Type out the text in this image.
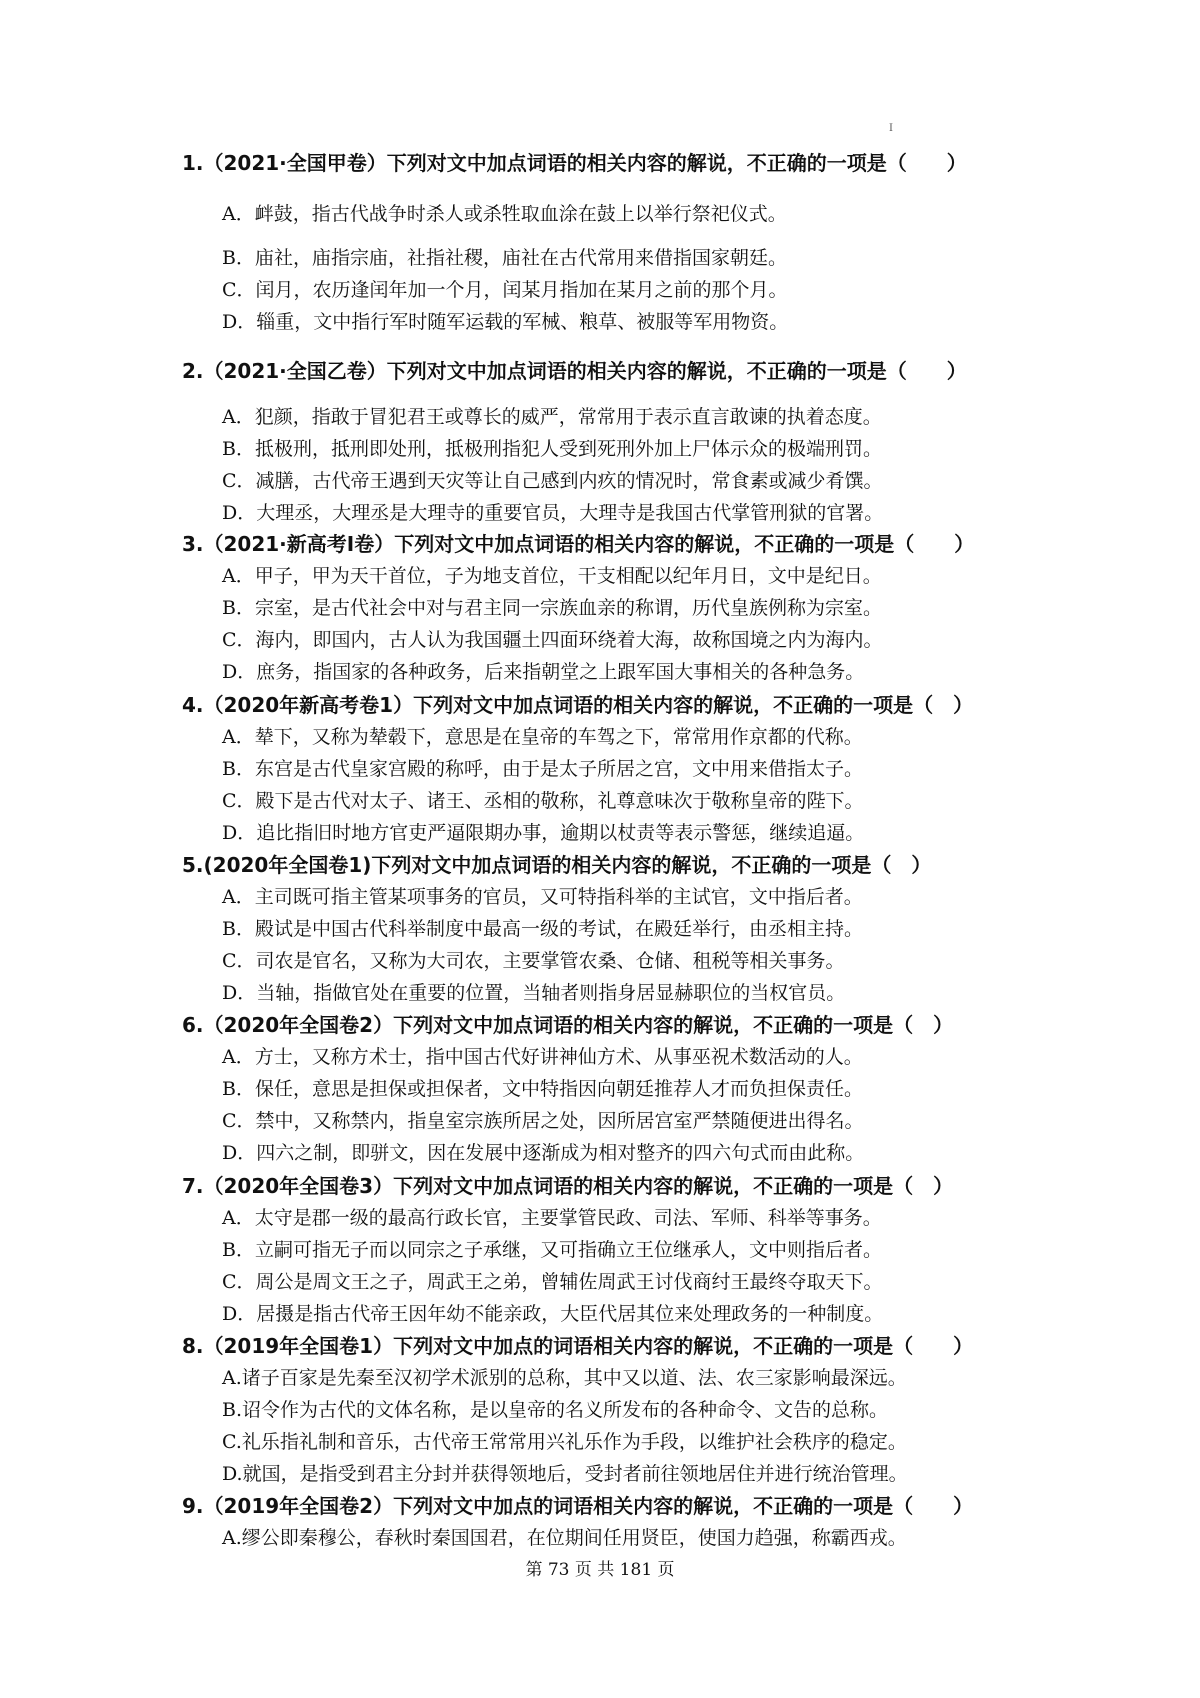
I
1.（2021·全国甲卷）下列对文中加点词语的相关内容的解说，不正确的一项是（　　）
A．衅鼓，指古代战争时杀人或杀牲取血涂在鼓上以举行祭祀仪式。
B．庙社，庙指宗庙，社指社稷，庙社在古代常用来借指国家朝廷。
C．闰月，农历逢闰年加一个月，闰某月指加在某月之前的那个月。
D．辎重，文中指行军时随军运载的军械、粮草、被服等军用物资。
2.（2021·全国乙卷）下列对文中加点词语的相关内容的解说，不正确的一项是（　　）
A．犯颜，指敢于冒犯君王或尊长的威严，常常用于表示直言敢谏的执着态度。
B．抵极刑，抵刑即处刑，抵极刑指犯人受到死刑外加上尸体示众的极端刑罚。
C．减膳，古代帝王遇到天灾等让自己感到内疚的情况时，常食素或减少肴馔。
D．大理丞，大理丞是大理寺的重要官员，大理寺是我国古代掌管刑狱的官署。
3.（2021·新高考Ⅰ卷）下列对文中加点词语的相关内容的解说，不正确的一项是（　　）
A．甲子，甲为天干首位，子为地支首位，干支相配以纪年月日，文中是纪日。
B．宗室，是古代社会中对与君主同一宗族血亲的称谓，历代皇族例称为宗室。
C．海内，即国内，古人认为我国疆土四面环绕着大海，故称国境之内为海内。
D．庶务，指国家的各种政务，后来指朝堂之上跟军国大事相关的各种急务。
4.（2020年新高考卷1）下列对文中加点词语的相关内容的解说，不正确的一项是（　）
A．辇下，又称为辇毂下，意思是在皇帝的车驾之下，常常用作京都的代称。
B．东宫是古代皇家宫殿的称呼，由于是太子所居之宫，文中用来借指太子。
C．殿下是古代对太子、诸王、丞相的敬称，礼尊意味次于敬称皇帝的陛下。
D．追比指旧时地方官吏严逼限期办事，逾期以杖责等表示警惩，继续追逼。
5.(2020年全国卷1)下列对文中加点词语的相关内容的解说，不正确的一项是（　）
A．主司既可指主管某项事务的官员，又可特指科举的主试官，文中指后者。
B．殿试是中国古代科举制度中最高一级的考试，在殿廷举行，由丞相主持。
C．司农是官名，又称为大司农，主要掌管农桑、仓储、租税等相关事务。
D．当轴，指做官处在重要的位置，当轴者则指身居显赫职位的当权官员。
6.（2020年全国卷2）下列对文中加点词语的相关内容的解说，不正确的一项是（　）
A．方士，又称方术士，指中国古代好讲神仙方术、从事巫祝术数活动的人。
B．保任，意思是担保或担保者，文中特指因向朝廷推荐人才而负担保责任。
C．禁中，又称禁内，指皇室宗族所居之处，因所居宫室严禁随便进出得名。
D．四六之制，即骈文，因在发展中逐渐成为相对整齐的四六句式而由此称。
7.（2020年全国卷3）下列对文中加点词语的相关内容的解说，不正确的一项是（　）
A．太守是郡一级的最高行政长官，主要掌管民政、司法、军师、科举等事务。
B．立嗣可指无子而以同宗之子承继，又可指确立王位继承人，文中则指后者。
C．周公是周文王之子，周武王之弟，曾辅佐周武王讨伐商纣王最终夺取天下。
D．居摄是指古代帝王因年幼不能亲政，大臣代居其位来处理政务的一种制度。
8.（2019年全国卷1）下列对文中加点的词语相关内容的解说，不正确的一项是（　　）
A.诸子百家是先秦至汉初学术派别的总称，其中又以道、法、农三家影响最深远。
B.诏令作为古代的文体名称，是以皇帝的名义所发布的各种命令、文告的总称。
C.礼乐指礼制和音乐，古代帝王常常用兴礼乐作为手段，以维护社会秩序的稳定。
D.就国，是指受到君主分封并获得领地后，受封者前往领地居住并进行统治管理。
9.（2019年全国卷2）下列对文中加点的词语相关内容的解说，不正确的一项是（　　）
A.缪公即秦穆公，春秋时秦国国君，在位期间任用贤臣，使国力趋强，称霸西戎。
第 73 页 共 181 页
